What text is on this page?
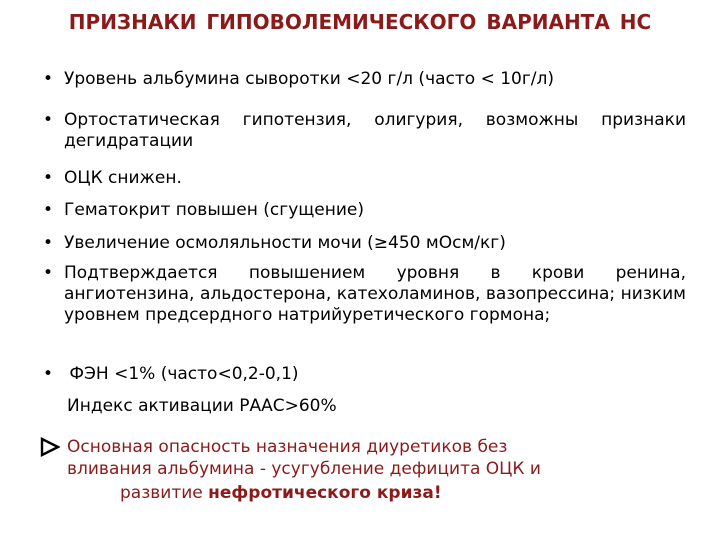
ПРИЗНАКИ ГИПОВОЛЕМИЧЕСКОГО ВАРИАНТА НС
• Уровень альбумина сыворотки <20 г/л (часто < 10г/л)
• Ортостатическая гипотензия, олигурия, возможны признаки дегидратации
• ОЦК снижен.
• Гематокрит повышен (сгущение)
• Увеличение осмоляльности мочи (≥450 мОсм/кг)
• Подтверждается повышением уровня в крови ренина, ангиотензина, альдостерона, катехоламинов, вазопрессина; низким уровнем предсердного натрийуретического гормона;
• ФЭН <1% (часто<0,2-0,1)
Индекс активации РААС>60%
Основная опасность назначения диуретиков без
вливания альбумина - усугубление дефицита ОЦК и
развитие нефротического криза!
